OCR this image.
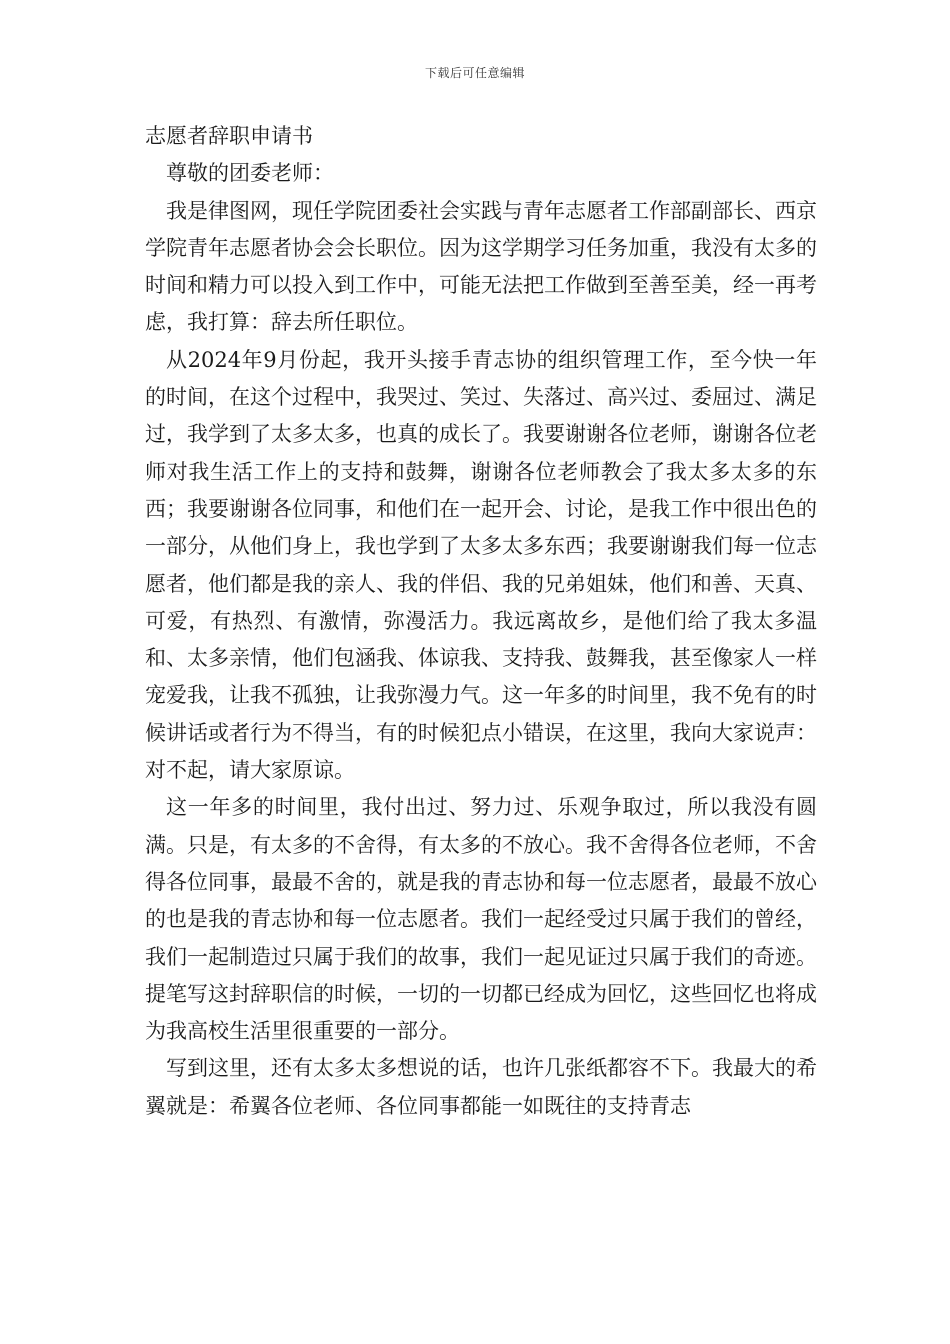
下载后可任意编辑
志愿者辞职申请书

尊敬的团委老师：

我是律图网，现任学院团委社会实践与青年志愿者工作部副部长、西京学院青年志愿者协会会长职位。因为这学期学习任务加重，我没有太多的时间和精力可以投入到工作中，可能无法把工作做到至善至美，经一再考虑，我打算：辞去所任职位。

从2024年9月份起，我开头接手青志协的组织管理工作，至今快一年的时间，在这个过程中，我哭过、笑过、失落过、高兴过、委屈过、满足过，我学到了太多太多，也真的成长了。我要谢谢各位老师，谢谢各位老师对我生活工作上的支持和鼓舞，谢谢各位老师教会了我太多太多的东西；我要谢谢各位同事，和他们在一起开会、讨论，是我工作中很出色的一部分，从他们身上，我也学到了太多太多东西；我要谢谢我们每一位志愿者，他们都是我的亲人、我的伴侣、我的兄弟姐妹，他们和善、天真、可爱，有热烈、有激情，弥漫活力。我远离故乡，是他们给了我太多温和、太多亲情，他们包涵我、体谅我、支持我、鼓舞我，甚至像家人一样宠爱我，让我不孤独，让我弥漫力气。这一年多的时间里，我不免有的时候讲话或者行为不得当，有的时候犯点小错误，在这里，我向大家说声：对不起，请大家原谅。

这一年多的时间里，我付出过、努力过、乐观争取过，所以我没有圆满。只是，有太多的不舍得，有太多的不放心。我不舍得各位老师，不舍得各位同事，最最不舍的，就是我的青志协和每一位志愿者，最最不放心的也是我的青志协和每一位志愿者。我们一起经受过只属于我们的曾经，我们一起制造过只属于我们的故事，我们一起见证过只属于我们的奇迹。提笔写这封辞职信的时候，一切的一切都已经成为回忆，这些回忆也将成为我高校生活里很重要的一部分。

写到这里，还有太多太多想说的话，也许几张纸都容不下。我最大的希翼就是：希翼各位老师、各位同事都能一如既往的支持青志
